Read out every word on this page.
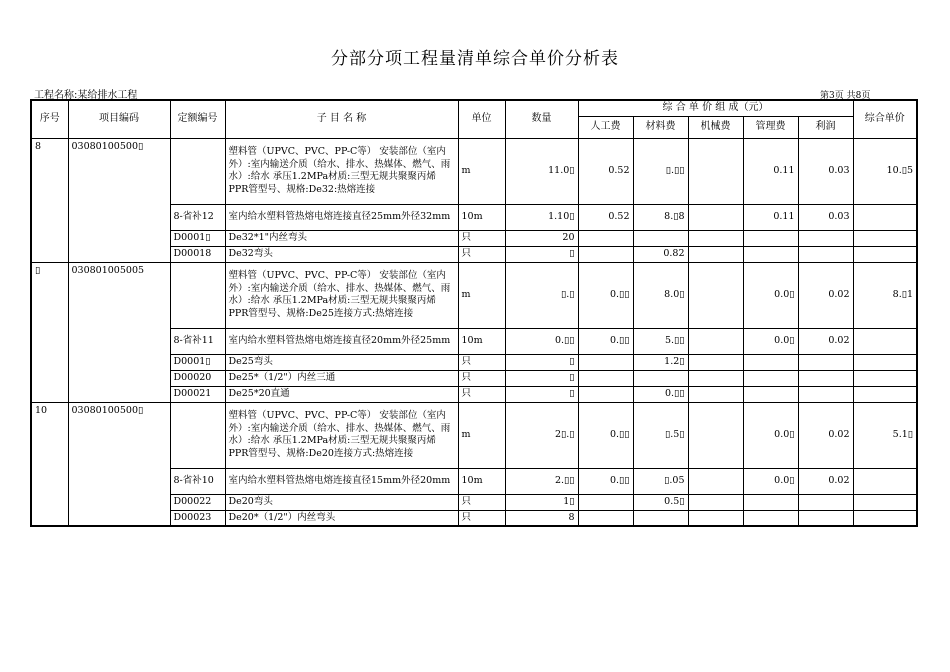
分部分项工程量清单综合单价分析表
工程名称:某给排水工程	第3页 共8页
序号	项目编码	定额编号	子 目 名 称	单位	数量	综 合 单 价 组 成（元）					综合单价
						人工费	材料费	机械费	管理费	利润	
8	03080100500▯		塑料管（UPVC、PVC、PP-C等） 安装部位（室内外）:室内输送介质（给水、排水、热媒体、燃气、雨水）:给水 承压1.2MPa材质:三型无规共聚聚丙烯PPR管型号、规格:De32:热熔连接	m	11.0▯	0.52	▯.▯▯		0.11	0.03	10.▯5
		8-省补12	室内给水塑料管热熔电熔连接直径25mm外径32mm	10m	1.10▯	0.52	8.▯8		0.11	0.03	
		D0001▯	De32*1"内丝弯头	只	20						
		D00018	De32弯头	只	▯		0.82				
▯	030801005005		塑料管（UPVC、PVC、PP-C等） 安装部位（室内外）:室内输送介质（给水、排水、热媒体、燃气、雨水）:给水 承压1.2MPa材质:三型无规共聚聚丙烯PPR管型号、规格:De25连接方式:热熔连接	m	▯.▯	0.▯▯	8.0▯		0.0▯	0.02	8.▯1
		8-省补11	室内给水塑料管热熔电熔连接直径20mm外径25mm	10m	0.▯▯	0.▯▯	5.▯▯		0.0▯	0.02	
		D0001▯	De25弯头	只	▯		1.2▯				
		D00020	De25*（1/2"）内丝三通	只	▯						
		D00021	De25*20直通	只	▯		0.▯▯				
10	03080100500▯		塑料管（UPVC、PVC、PP-C等） 安装部位（室内外）:室内输送介质（给水、排水、热媒体、燃气、雨水）:给水 承压1.2MPa材质:三型无规共聚聚丙烯PPR管型号、规格:De20连接方式:热熔连接	m	2▯.▯	0.▯▯	▯.5▯		0.0▯	0.02	5.1▯
		8-省补10	室内给水塑料管热熔电熔连接直径15mm外径20mm	10m	2.▯▯	0.▯▯	▯.05		0.0▯	0.02	
		D00022	De20弯头	只	1▯		0.5▯				
		D00023	De20*（1/2"）内丝弯头	只	8						
